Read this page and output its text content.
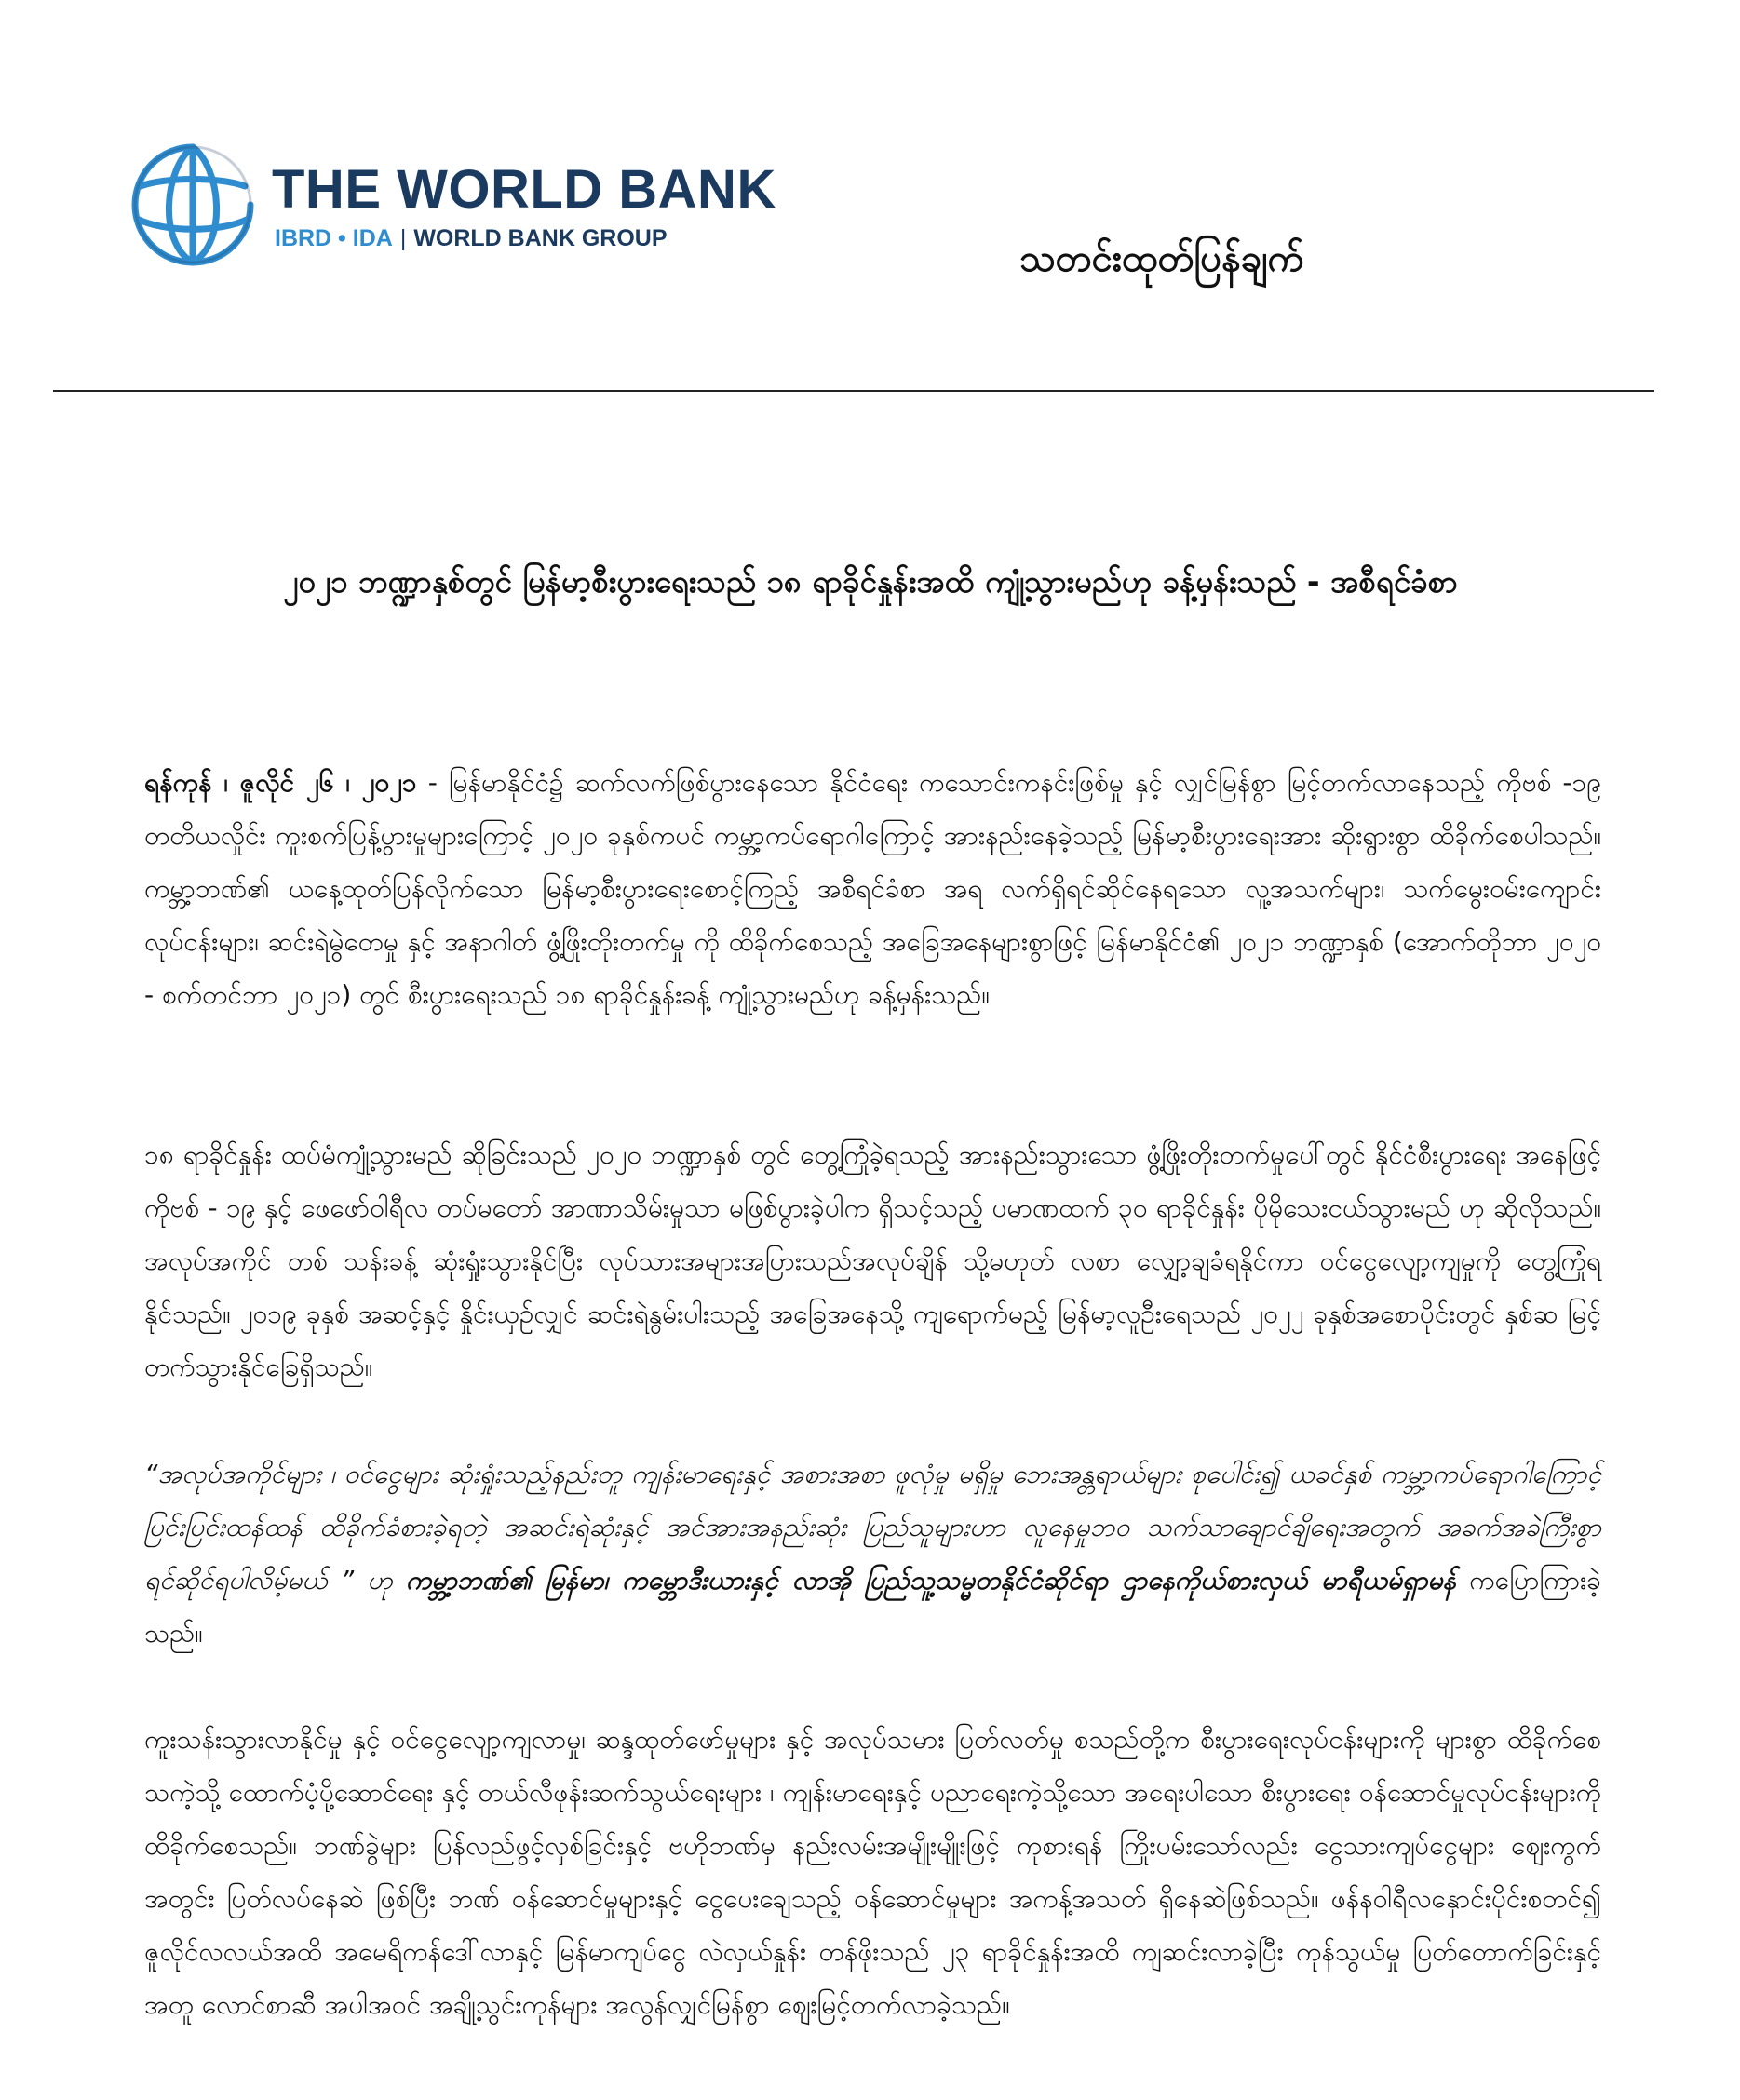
THE WORLD BANK
IBRD • IDA | WORLD BANK GROUP	သတင်းထုတ်ပြန်ချက်
၂၀၂၁ ဘဏ္ဍာနှစ်တွင် မြန်မာ့စီးပွားရေးသည် ၁၈ ရာခိုင်နှုန်းအထိ ကျုံ့သွားမည်ဟု ခန့်မှန်းသည် - အစီရင်ခံစာ
ရန်ကုန် ၊ ဇူလိုင် ၂၆ ၊ ၂၀၂၁ - မြန်မာနိုင်ငံ၌ ဆက်လက်ဖြစ်ပွားနေသော နိုင်ငံရေး ကသောင်းကနင်းဖြစ်မှု နှင့် လျှင်မြန်စွာ မြင့်တက်လာနေသည့် ကိုဗစ် -၁၉ တတိယလှိုင်း ကူးစက်ပြန့်ပွားမှုများကြောင့် ၂၀၂၀ ခုနှစ်ကပင် ကမ္ဘာ့ကပ်ရောဂါကြောင့် အားနည်းနေခဲ့သည့် မြန်မာ့စီးပွားရေးအား ဆိုးရွားစွာ ထိခိုက်စေပါသည်။ ကမ္ဘာ့ဘဏ်၏ ယနေ့ထုတ်ပြန်လိုက်သော မြန်မာ့စီးပွားရေးစောင့်ကြည့် အစီရင်ခံစာ အရ လက်ရှိရင်ဆိုင်နေရသော လူ့အသက်များ၊ သက်မွေးဝမ်းကျောင်းလုပ်ငန်းများ၊ ဆင်းရဲမွဲတေမှု နှင့် အနာဂါတ် ဖွံ့ဖြိုးတိုးတက်မှု ကို ထိခိုက်စေသည့် အခြေအနေများစွာဖြင့် မြန်မာနိုင်ငံ၏ ၂၀၂၁ ဘဏ္ဍာနှစ် (အောက်တိုဘာ ၂၀၂၀ - စက်တင်ဘာ ၂၀၂၁) တွင် စီးပွားရေးသည် ၁၈ ရာခိုင်နှုန်းခန့် ကျုံ့သွားမည်ဟု ခန့်မှန်းသည်။
၁၈ ရာခိုင်နှုန်း ထပ်မံကျုံ့သွားမည် ဆိုခြင်းသည် ၂၀၂၀ ဘဏ္ဍာနှစ် တွင် တွေ့ကြုံခဲ့ရသည့် အားနည်းသွားသော ဖွံ့ဖြိုးတိုးတက်မှုပေါ်တွင် နိုင်ငံစီးပွားရေး အနေဖြင့် ကိုဗစ် - ၁၉ နှင့် ဖေဖော်ဝါရီလ တပ်မတော် အာဏာသိမ်းမှုသာ မဖြစ်ပွားခဲ့ပါက ရှိသင့်သည့် ပမာဏထက် ၃၀ ရာခိုင်နှုန်း ပိုမိုသေးငယ်သွားမည် ဟု ဆိုလိုသည်။ အလုပ်အကိုင် တစ် သန်းခန့် ဆုံးရှုံးသွားနိုင်ပြီး လုပ်သားအများအပြားသည်အလုပ်ချိန် သို့မဟုတ် လစာ လျှော့ချခံရနိုင်ကာ ဝင်ငွေလျော့ကျမှုကို တွေ့ကြုံရနိုင်သည်။ ၂၀၁၉ ခုနှစ် အဆင့်နှင့် နှိုင်းယှဉ်လျှင် ဆင်းရဲနွမ်းပါးသည့် အခြေအနေသို့ ကျရောက်မည့် မြန်မာ့လူဦးရေသည် ၂၀၂၂ ခုနှစ်အစောပိုင်းတွင် နှစ်ဆ မြင့်တက်သွားနိုင်ခြေရှိသည်။
“အလုပ်အကိုင်များ ၊ ဝင်ငွေများ ဆုံးရှုံးသည့်နည်းတူ ကျန်းမာရေးနှင့် အစားအစာ ဖူလုံမှု မရှိမှု ဘေးအန္တရာယ်များ စုပေါင်း၍ ယခင်နှစ် ကမ္ဘာ့ကပ်ရောဂါကြောင့် ပြင်းပြင်းထန်ထန် ထိခိုက်ခံစားခဲ့ရတဲ့ အဆင်းရဲဆုံးနှင့် အင်အားအနည်းဆုံး ပြည်သူများဟာ လူနေမှုဘဝ သက်သာချောင်ချိရေးအတွက် အခက်အခဲကြီးစွာ ရင်ဆိုင်ရပါလိမ့်မယ် ” ဟု ကမ္ဘာ့ဘဏ်၏ မြန်မာ၊ ကမ္ဘောဒီးယားနှင့် လာအို ပြည်သူ့သမ္မတနိုင်ငံဆိုင်ရာ ဌာနေကိုယ်စားလှယ် မာရီယမ်ရှာမန် ကပြောကြားခဲ့သည်။
ကူးသန်းသွားလာနိုင်မှု နှင့် ဝင်ငွေလျော့ကျလာမှု၊ ဆန္ဒထုတ်ဖော်မှုများ နှင့် အလုပ်သမား ပြတ်လတ်မှု စသည်တို့က စီးပွားရေးလုပ်ငန်းများကို များစွာ ထိခိုက်စေသကဲ့သို့ ထောက်ပံ့ပို့ဆောင်ရေး နှင့် တယ်လီဖုန်းဆက်သွယ်ရေးများ ၊ ကျန်းမာရေးနှင့် ပညာရေးကဲ့သို့သော အရေးပါသော စီးပွားရေး ဝန်ဆောင်မှုလုပ်ငန်းများကို ထိခိုက်စေသည်။ ဘဏ်ခွဲများ ပြန်လည်ဖွင့်လှစ်ခြင်းနှင့် ဗဟိုဘဏ်မှ နည်းလမ်းအမျိုးမျိုးဖြင့် ကုစားရန် ကြိုးပမ်းသော်လည်း ငွေသားကျပ်ငွေများ ဈေးကွက်အတွင်း ပြတ်လပ်နေဆဲ ဖြစ်ပြီး ဘဏ် ဝန်ဆောင်မှုများနှင့် ငွေပေးချေသည့် ဝန်ဆောင်မှုများ အကန့်အသတ် ရှိနေဆဲဖြစ်သည်။ ဖန်နဝါရီလနှောင်းပိုင်းစတင်၍ ဇူလိုင်လလယ်အထိ အမေရိကန်ဒေါ်လာနှင့် မြန်မာကျပ်ငွေ လဲလှယ်နှုန်း တန်ဖိုးသည် ၂၃ ရာခိုင်နှုန်းအထိ ကျဆင်းလာခဲ့ပြီး ကုန်သွယ်မှု ပြတ်တောက်ခြင်းနှင့်အတူ လောင်စာဆီ အပါအဝင် အချို့သွင်းကုန်များ အလွန်လျှင်မြန်စွာ ဈေးမြင့်တက်လာခဲ့သည်။
